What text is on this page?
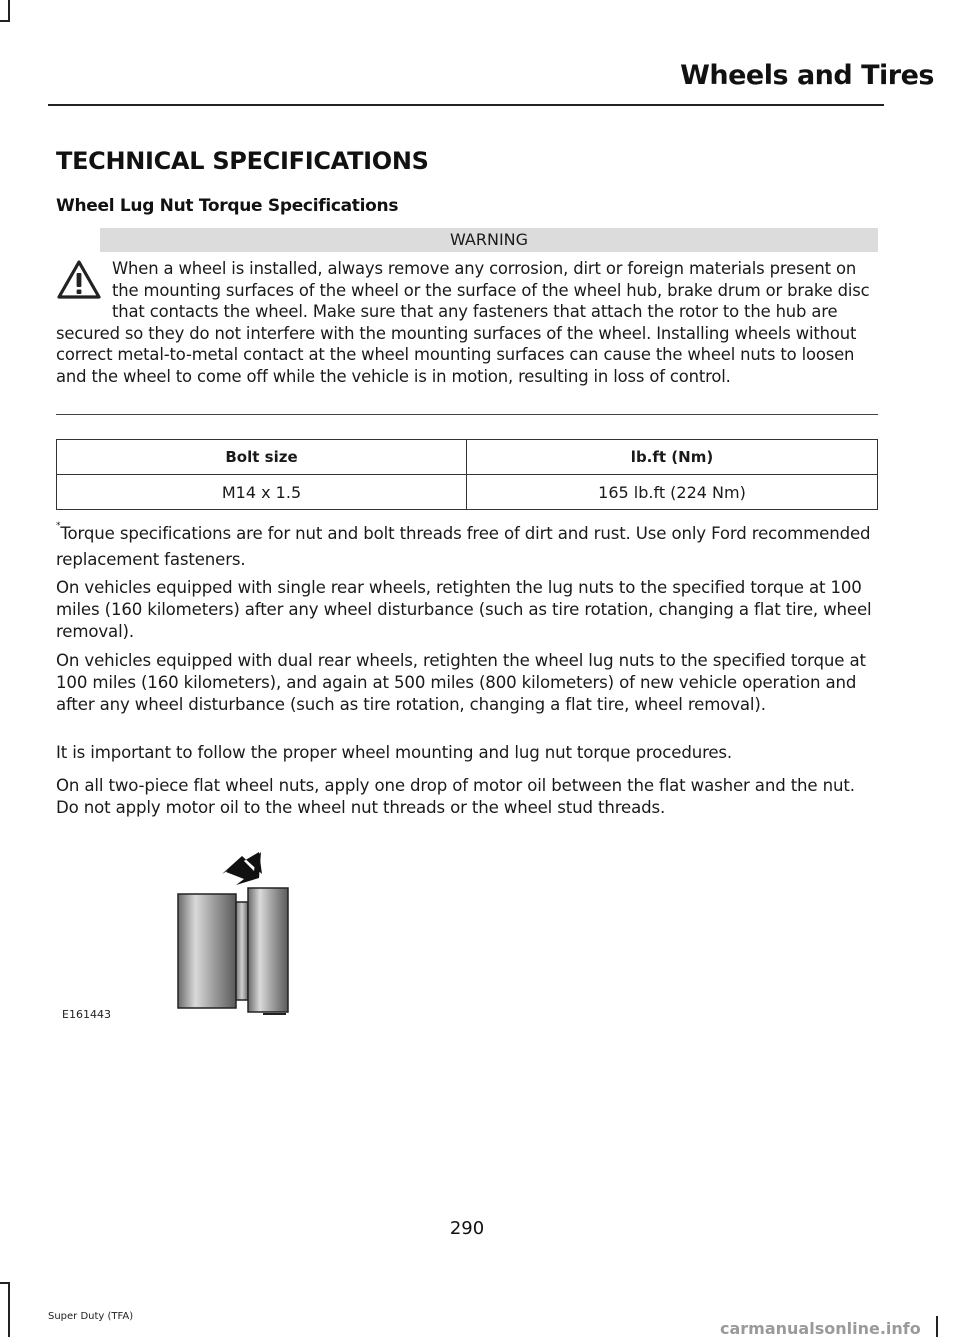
Wheels and Tires
TECHNICAL SPECIFICATIONS
Wheel Lug Nut Torque Specifications
WARNING

When a wheel is installed, always remove any corrosion, dirt or foreign materials present on the mounting surfaces of the wheel or the surface of the wheel hub, brake drum or brake disc that contacts the wheel. Make sure that any fasteners that attach the rotor to the hub are secured so they do not interfere with the mounting surfaces of the wheel. Installing wheels without correct metal-to-metal contact at the wheel mounting surfaces can cause the wheel nuts to loosen and the wheel to come off while the vehicle is in motion, resulting in loss of control.

Bolt size	lb.ft (Nm)
M14 x 1.5	165 lb.ft (224 Nm)

*Torque specifications are for nut and bolt threads free of dirt and rust. Use only Ford recommended replacement fasteners.

On vehicles equipped with single rear wheels, retighten the lug nuts to the specified torque at 100 miles (160 kilometers) after any wheel disturbance (such as tire rotation, changing a flat tire, wheel removal).

On vehicles equipped with dual rear wheels, retighten the wheel lug nuts to the specified torque at 100 miles (160 kilometers), and again at 500 miles (800 kilometers) of new vehicle operation and after any wheel disturbance (such as tire rotation, changing a flat tire, wheel removal).

It is important to follow the proper wheel mounting and lug nut torque procedures.

On all two-piece flat wheel nuts, apply one drop of motor oil between the flat washer and the nut. Do not apply motor oil to the wheel nut threads or the wheel stud threads.

E161443
290
Super Duty (TFA)
carmanualsonline.info
